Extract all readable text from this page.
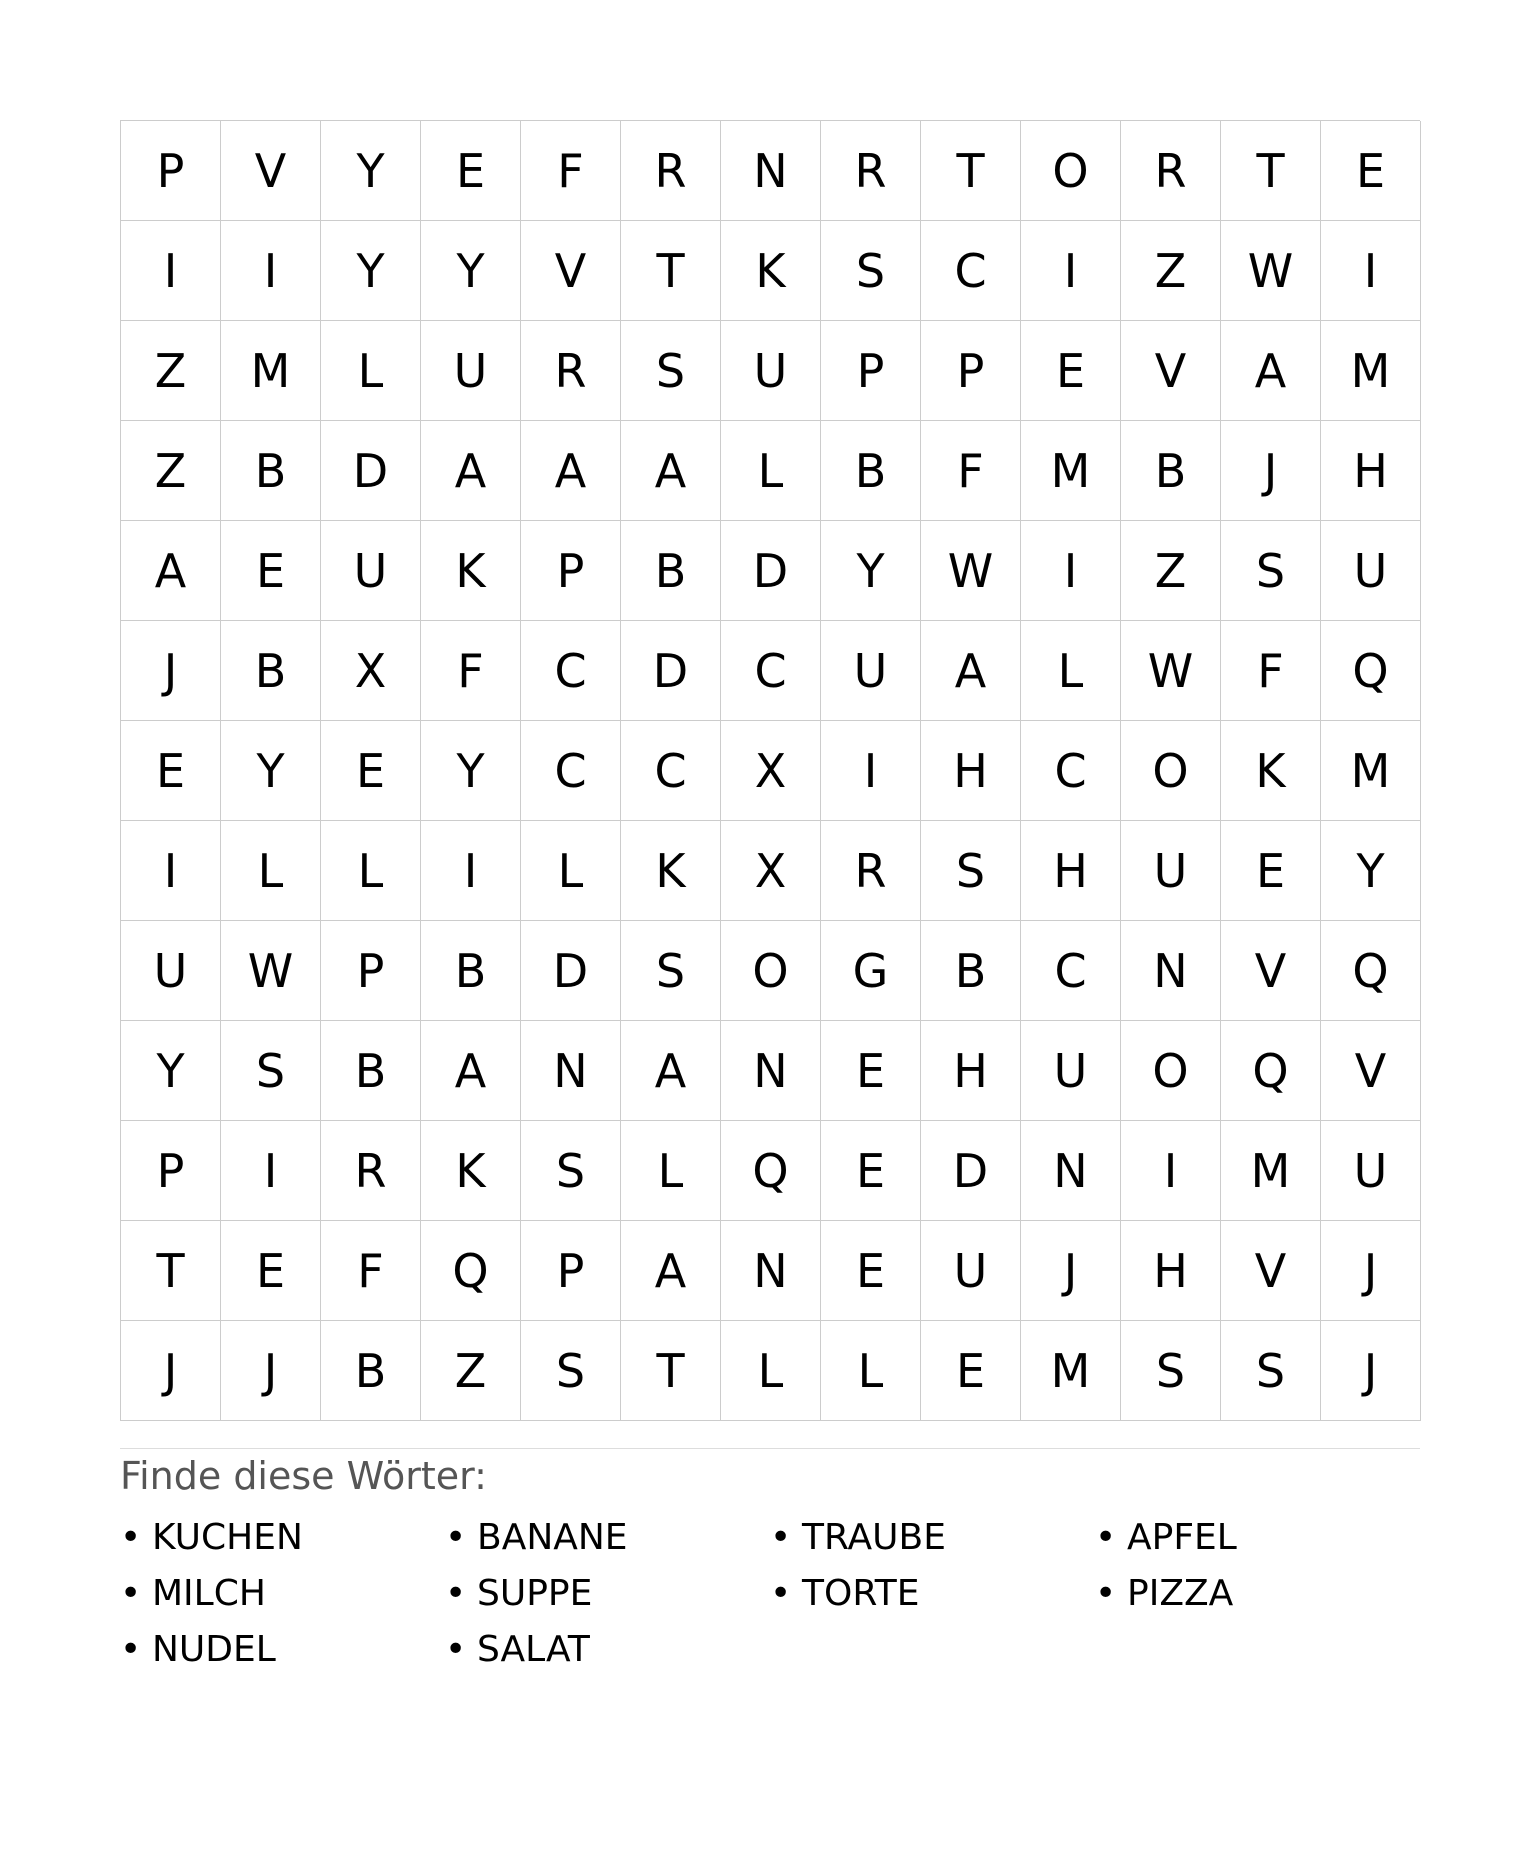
P	V	Y	E	F	R	N	R	T	O	R	T	E
I	I	Y	Y	V	T	K	S	C	I	Z	W	I
Z	M	L	U	R	S	U	P	P	E	V	A	M
Z	B	D	A	A	A	L	B	F	M	B	J	H
A	E	U	K	P	B	D	Y	W	I	Z	S	U
J	B	X	F	C	D	C	U	A	L	W	F	Q
E	Y	E	Y	C	C	X	I	H	C	O	K	M
I	L	L	I	L	K	X	R	S	H	U	E	Y
U	W	P	B	D	S	O	G	B	C	N	V	Q
Y	S	B	A	N	A	N	E	H	U	O	Q	V
P	I	R	K	S	L	Q	E	D	N	I	M	U
T	E	F	Q	P	A	N	E	U	J	H	V	J
J	J	B	Z	S	T	L	L	E	M	S	S	J
Finde diese Wörter:
• KUCHEN	• BANANE	• TRAUBE	• APFEL
• MILCH	• SUPPE	• TORTE	• PIZZA
• NUDEL	• SALAT
